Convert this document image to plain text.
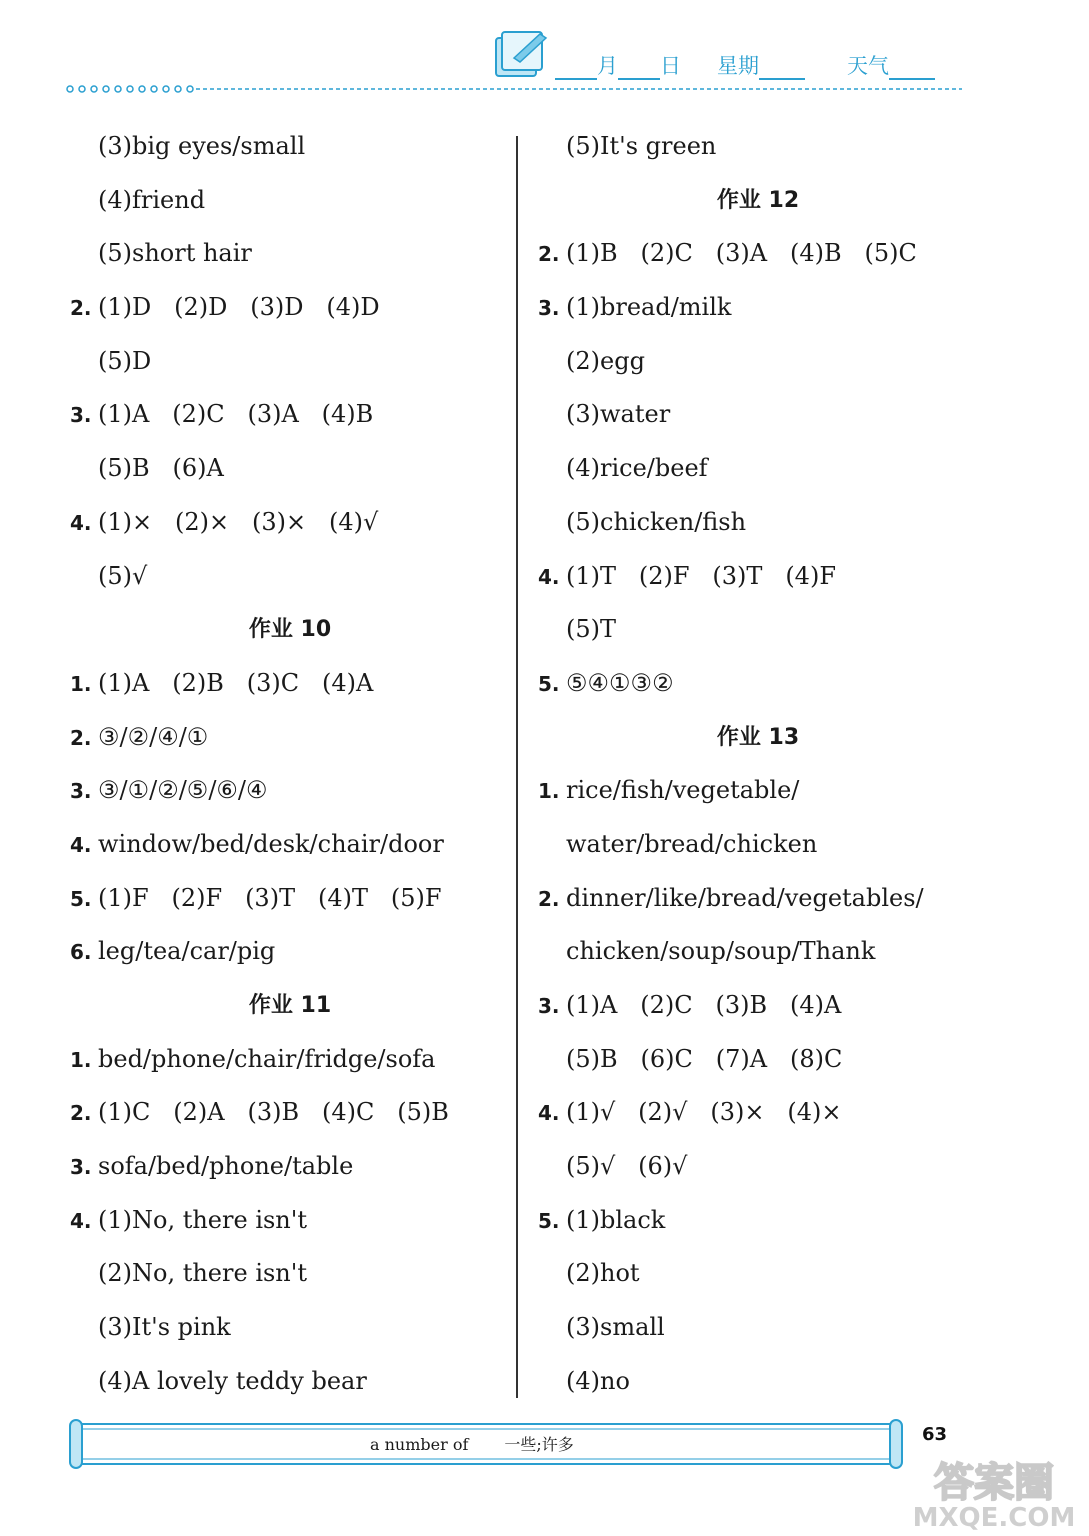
月 日 星期	天气
(3)big eyes/small
(4)friend
(5)short hair
2. (1)D   (2)D   (3)D   (4)D
(5)D
3. (1)A   (2)C   (3)A   (4)B
(5)B   (6)A
4. (1)×   (2)×   (3)×   (4)√
(5)√
作业 10
1. (1)A   (2)B   (3)C   (4)A
2. ③/②/④/①
3. ③/①/②/⑤/⑥/④
4. window/bed/desk/chair/door
5. (1)F   (2)F   (3)T   (4)T   (5)F
6. leg/tea/car/pig
作业 11
1. bed/phone/chair/fridge/sofa
2. (1)C   (2)A   (3)B   (4)C   (5)B
3. sofa/bed/phone/table
4. (1)No, there isn't
(2)No, there isn't
(3)It's pink
(4)A lovely teddy bear
(5)It's green
作业 12
2. (1)B   (2)C   (3)A   (4)B   (5)C
3. (1)bread/milk
(2)egg
(3)water
(4)rice/beef
(5)chicken/fish
4. (1)T   (2)F   (3)T   (4)F
(5)T
5. ⑤④①③②
作业 13
1. rice/fish/vegetable/
water/bread/chicken
2. dinner/like/bread/vegetables/
chicken/soup/soup/Thank
3. (1)A   (2)C   (3)B   (4)A
(5)B   (6)C   (7)A   (8)C
4. (1)√   (2)√   (3)×   (4)×
(5)√   (6)√
5. (1)black
(2)hot
(3)small
(4)no
a number of 一些;许多	63
答案圈
MXQE.COM
